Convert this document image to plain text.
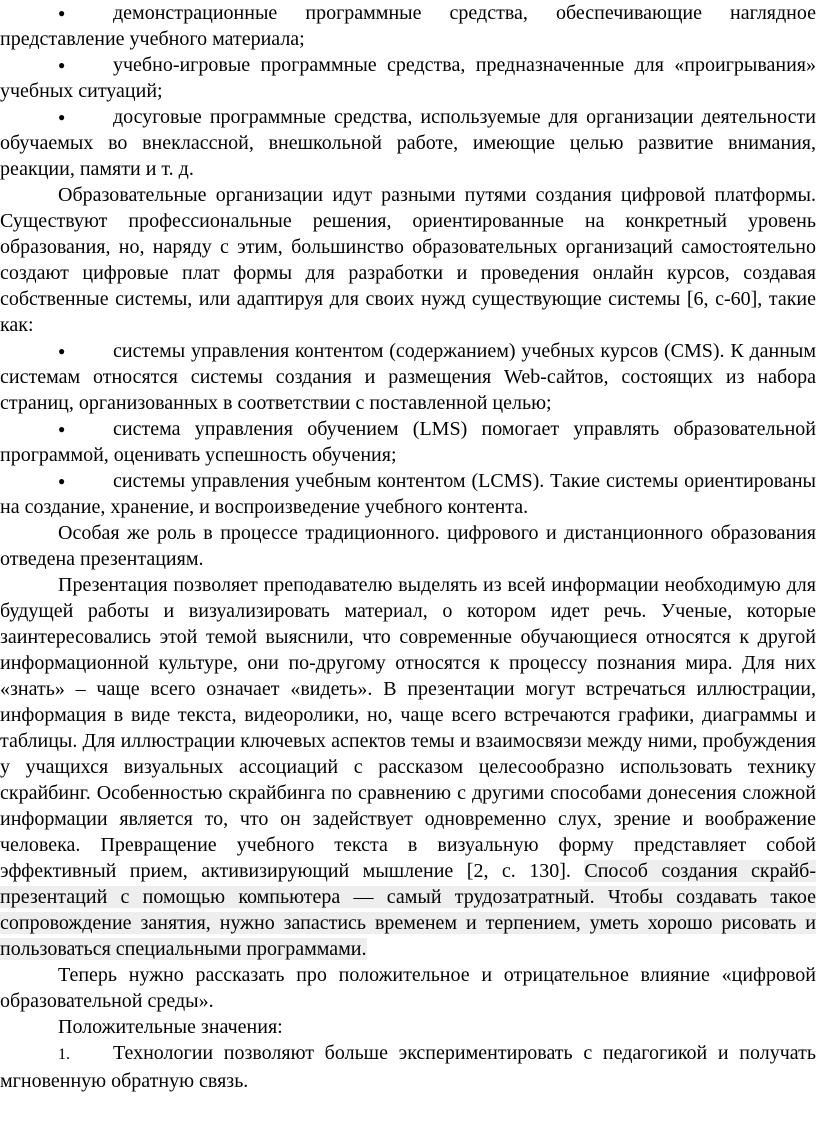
● демонстрационные программные средства, обеспечивающие наглядное представление учебного материала;

● учебно-игровые программные средства, предназначенные для «проигрывания» учебных ситуаций;

● досуговые программные средства, используемые для организации деятельности обучаемых во внеклассной, внешкольной работе, имеющие целью развитие внимания, реакции, памяти и т. д.

Образовательные организации идут разными путями создания цифровой платформы. Существуют профессиональные решения, ориентированные на конкретный уровень образования, но, наряду с этим, большинство образовательных организаций самостоятельно создают цифровые плат формы для разработки и проведения онлайн курсов, создавая собственные системы, или адаптируя для своих нужд существующие системы [6, с-60], такие как:

● системы управления контентом (содержанием) учебных курсов (CMS). К данным системам относятся системы создания и размещения Web-сайтов, состоящих из набора страниц, организованных в соответствии с поставленной целью;

● система управления обучением (LMS) помогает управлять образовательной программой, оценивать успешность обучения;

● системы управления учебным контентом (LCMS). Такие системы ориентированы на создание, хранение, и воспроизведение учебного контента.

Особая же роль в процессе традиционного. цифрового и дистанционного образования отведена презентациям.

Презентация позволяет преподавателю выделять из всей информации необходимую для будущей работы и визуализировать материал, о котором идет речь. Ученые, которые заинтересовались этой темой выяснили, что современные обучающиеся относятся к другой информационной культуре, они по-другому относятся к процессу познания мира. Для них «знать» – чаще всего означает «видеть». В презентации могут встречаться иллюстрации, информация в виде текста, видеоролики, но, чаще всего встречаются графики, диаграммы и таблицы. Для иллюстрации ключевых аспектов темы и взаимосвязи между ними, пробуждения у учащихся визуальных ассоциаций с рассказом целесообразно использовать технику скрайбинг. Особенностью скрайбинга по сравнению с другими способами донесения сложной информации является то, что он задействует одновременно слух, зрение и воображение человека. Превращение учебного текста в визуальную форму представляет собой эффективный прием, активизирующий мышление [2, с. 130]. Способ создания скрайб-презентаций с помощью компьютера — самый трудозатратный. Чтобы создавать такое сопровождение занятия, нужно запастись временем и терпением, уметь хорошо рисовать и пользоваться специальными программами.

Теперь нужно рассказать про положительное и отрицательное влияние «цифровой образовательной среды».

Положительные значения:

1. Технологии позволяют больше экспериментировать с педагогикой и получать мгновенную обратную связь.
